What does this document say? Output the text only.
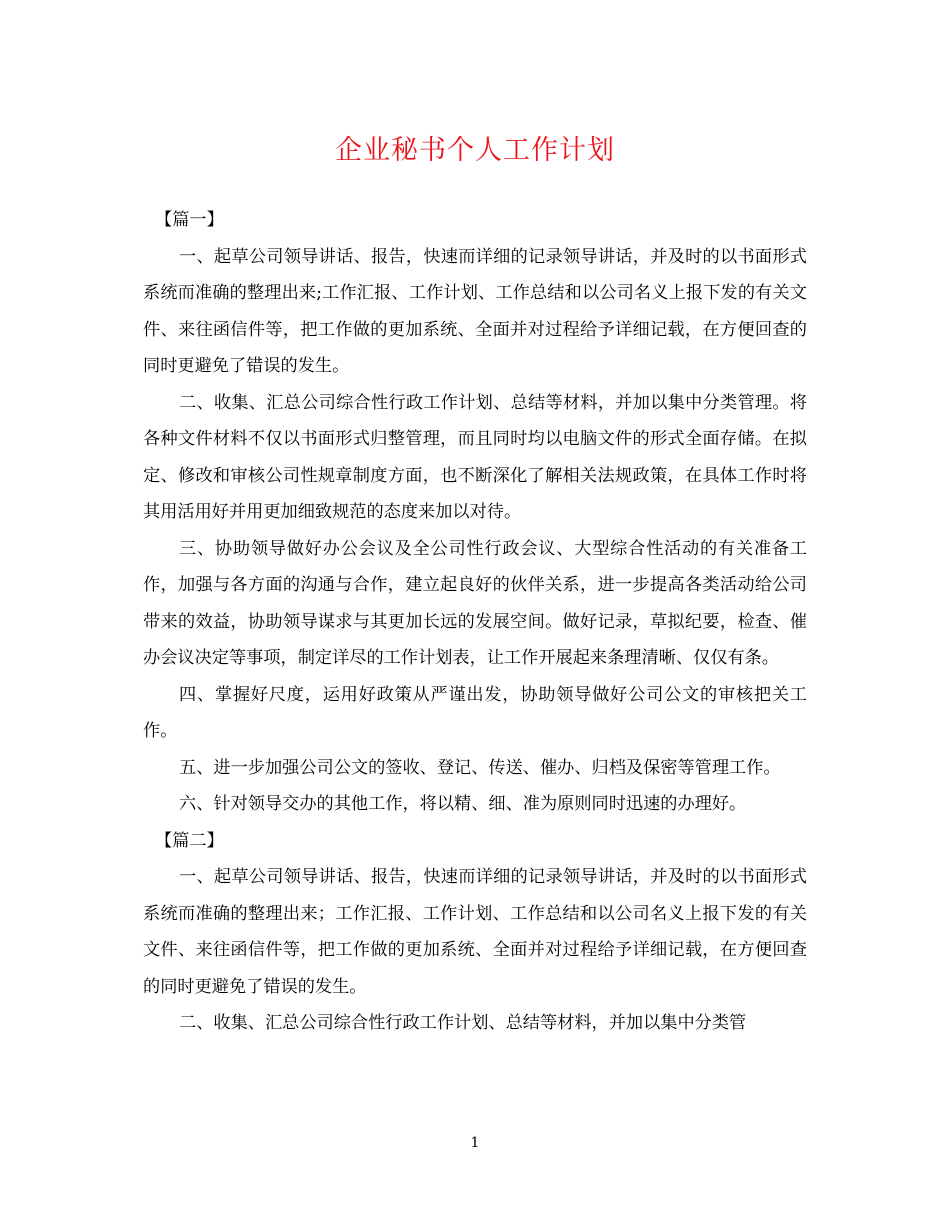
企业秘书个人工作计划

【篇一】

一、起草公司领导讲话、报告，快速而详细的记录领导讲话，并及时的以书面形式系统而准确的整理出来;工作汇报、工作计划、工作总结和以公司名义上报下发的有关文件、来往函信件等，把工作做的更加系统、全面并对过程给予详细记载，在方便回查的同时更避免了错误的发生。

二、收集、汇总公司综合性行政工作计划、总结等材料，并加以集中分类管理。将各种文件材料不仅以书面形式归整管理，而且同时均以电脑文件的形式全面存储。在拟定、修改和审核公司性规章制度方面，也不断深化了解相关法规政策，在具体工作时将其用活用好并用更加细致规范的态度来加以对待。

三、协助领导做好办公会议及全公司性行政会议、大型综合性活动的有关准备工作，加强与各方面的沟通与合作，建立起良好的伙伴关系，进一步提高各类活动给公司带来的效益，协助领导谋求与其更加长远的发展空间。做好记录，草拟纪要，检查、催办会议决定等事项，制定详尽的工作计划表，让工作开展起来条理清晰、仅仅有条。

四、掌握好尺度，运用好政策从严谨出发，协助领导做好公司公文的审核把关工作。

五、进一步加强公司公文的签收、登记、传送、催办、归档及保密等管理工作。

六、针对领导交办的其他工作，将以精、细、准为原则同时迅速的办理好。

【篇二】

一、起草公司领导讲话、报告，快速而详细的记录领导讲话，并及时的以书面形式系统而准确的整理出来；工作汇报、工作计划、工作总结和以公司名义上报下发的有关文件、来往函信件等，把工作做的更加系统、全面并对过程给予详细记载，在方便回查的同时更避免了错误的发生。

二、收集、汇总公司综合性行政工作计划、总结等材料，并加以集中分类管

1
